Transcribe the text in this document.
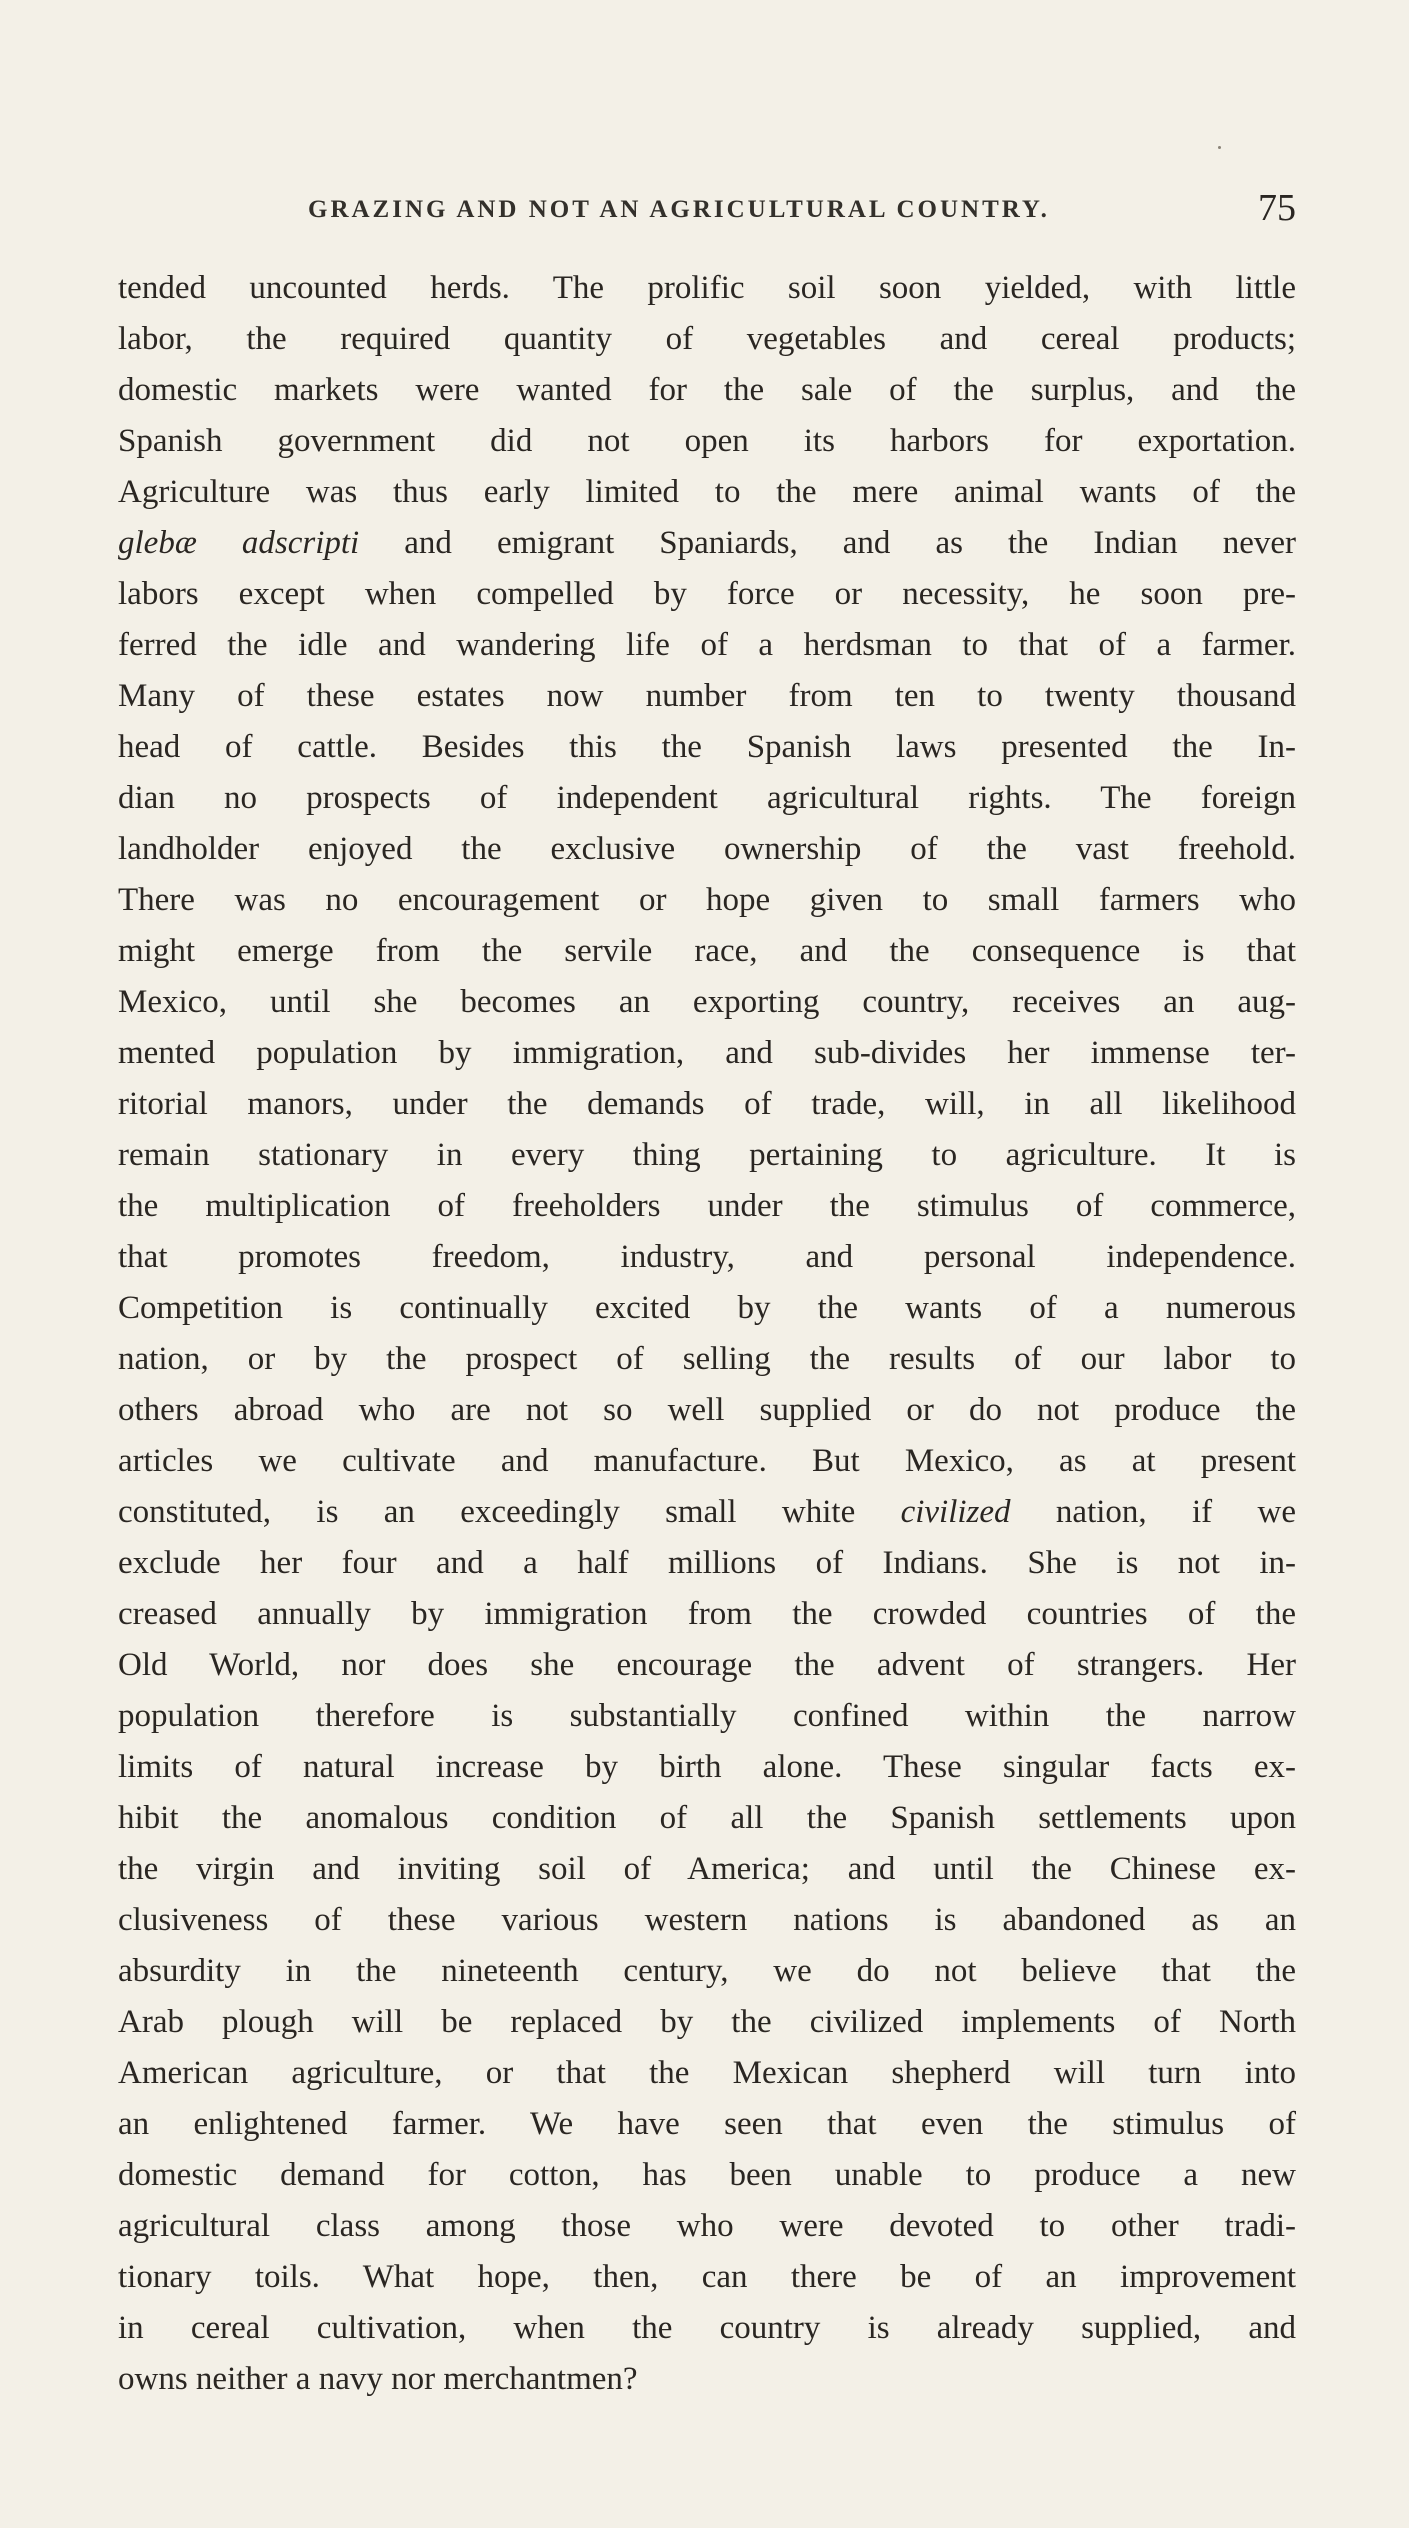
GRAZING AND NOT AN AGRICULTURAL COUNTRY.	75
tended uncounted herds. The prolific soil soon yielded, with little
labor, the required quantity of vegetables and cereal products;
domestic markets were wanted for the sale of the surplus, and the
Spanish government did not open its harbors for exportation.
Agriculture was thus early limited to the mere animal wants of the
glebæ adscripti and emigrant Spaniards, and as the Indian never
labors except when compelled by force or necessity, he soon pre-
ferred the idle and wandering life of a herdsman to that of a farmer.
Many of these estates now number from ten to twenty thousand
head of cattle. Besides this the Spanish laws presented the In-
dian no prospects of independent agricultural rights. The foreign
landholder enjoyed the exclusive ownership of the vast freehold.
There was no encouragement or hope given to small farmers who
might emerge from the servile race, and the consequence is that
Mexico, until she becomes an exporting country, receives an aug-
mented population by immigration, and sub-divides her immense ter-
ritorial manors, under the demands of trade, will, in all likelihood
remain stationary in every thing pertaining to agriculture. It is
the multiplication of freeholders under the stimulus of commerce,
that promotes freedom, industry, and personal independence.
Competition is continually excited by the wants of a numerous
nation, or by the prospect of selling the results of our labor to
others abroad who are not so well supplied or do not produce the
articles we cultivate and manufacture. But Mexico, as at present
constituted, is an exceedingly small white civilized nation, if we
exclude her four and a half millions of Indians. She is not in-
creased annually by immigration from the crowded countries of the
Old World, nor does she encourage the advent of strangers. Her
population therefore is substantially confined within the narrow
limits of natural increase by birth alone. These singular facts ex-
hibit the anomalous condition of all the Spanish settlements upon
the virgin and inviting soil of America; and until the Chinese ex-
clusiveness of these various western nations is abandoned as an
absurdity in the nineteenth century, we do not believe that the
Arab plough will be replaced by the civilized implements of North
American agriculture, or that the Mexican shepherd will turn into
an enlightened farmer. We have seen that even the stimulus of
domestic demand for cotton, has been unable to produce a new
agricultural class among those who were devoted to other tradi-
tionary toils. What hope, then, can there be of an improvement
in cereal cultivation, when the country is already supplied, and
owns neither a navy nor merchantmen?
